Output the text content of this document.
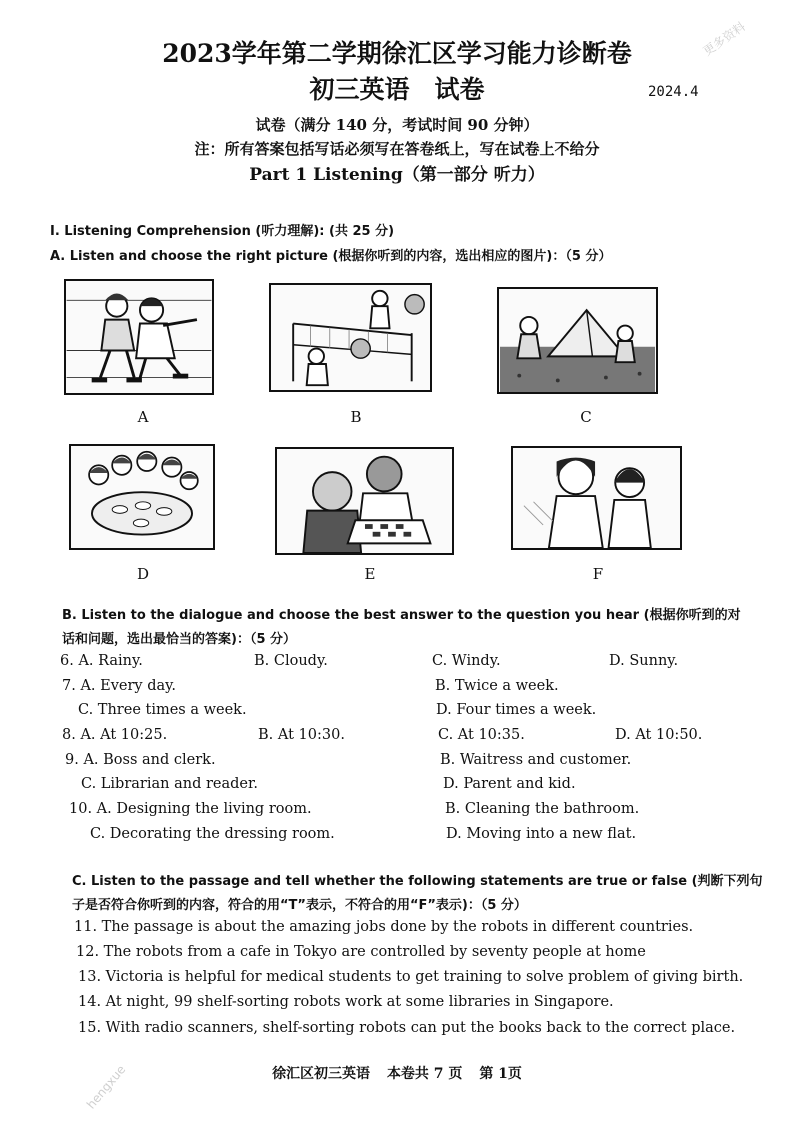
2023学年第二学期徐汇区学习能力诊断卷
初三英语　试卷	2024.4
试卷（满分 140 分，考试时间 90 分钟）
注：所有答案包括写话必须写在答卷纸上，写在试卷上不给分
Part 1 Listening（第一部分 听力）
更多资料
hengxue
I. Listening Comprehension (听力理解): (共 25 分)
A. Listen and choose the right picture (根据你听到的内容，选出相应的图片)：（5 分）
A	B	C
D	E	F
B. Listen to the dialogue and choose the best answer to the question you hear (根据你听到的对
话和问题，选出最恰当的答案)：（5 分）
6. A. Rainy.	B. Cloudy.	C. Windy.	D. Sunny.
7. A. Every day.	B. Twice a week.
C. Three times a week.	D. Four times a week.
8. A. At 10:25.	B. At 10:30.	C. At 10:35.	D. At 10:50.
9. A. Boss and clerk.	B. Waitress and customer.
C. Librarian and reader.	D. Parent and kid.
10. A. Designing the living room.	B. Cleaning the bathroom.
C. Decorating the dressing room.	D. Moving into a new flat.
C. Listen to the passage and tell whether the following statements are true or false (判断下列句
子是否符合你听到的内容，符合的用“T”表示，不符合的用“F”表示)：（5 分）
11. The passage is about the amazing jobs done by the robots in different countries.
12. The robots from a cafe in Tokyo are controlled by seventy people at home
13. Victoria is helpful for medical students to get training to solve problem of giving birth.
14. At night, 99 shelf-sorting robots work at some libraries in Singapore.
15. With radio scanners, shelf-sorting robots can put the books back to the correct place.
徐汇区初三英语 本卷共 7 页 第 1页
